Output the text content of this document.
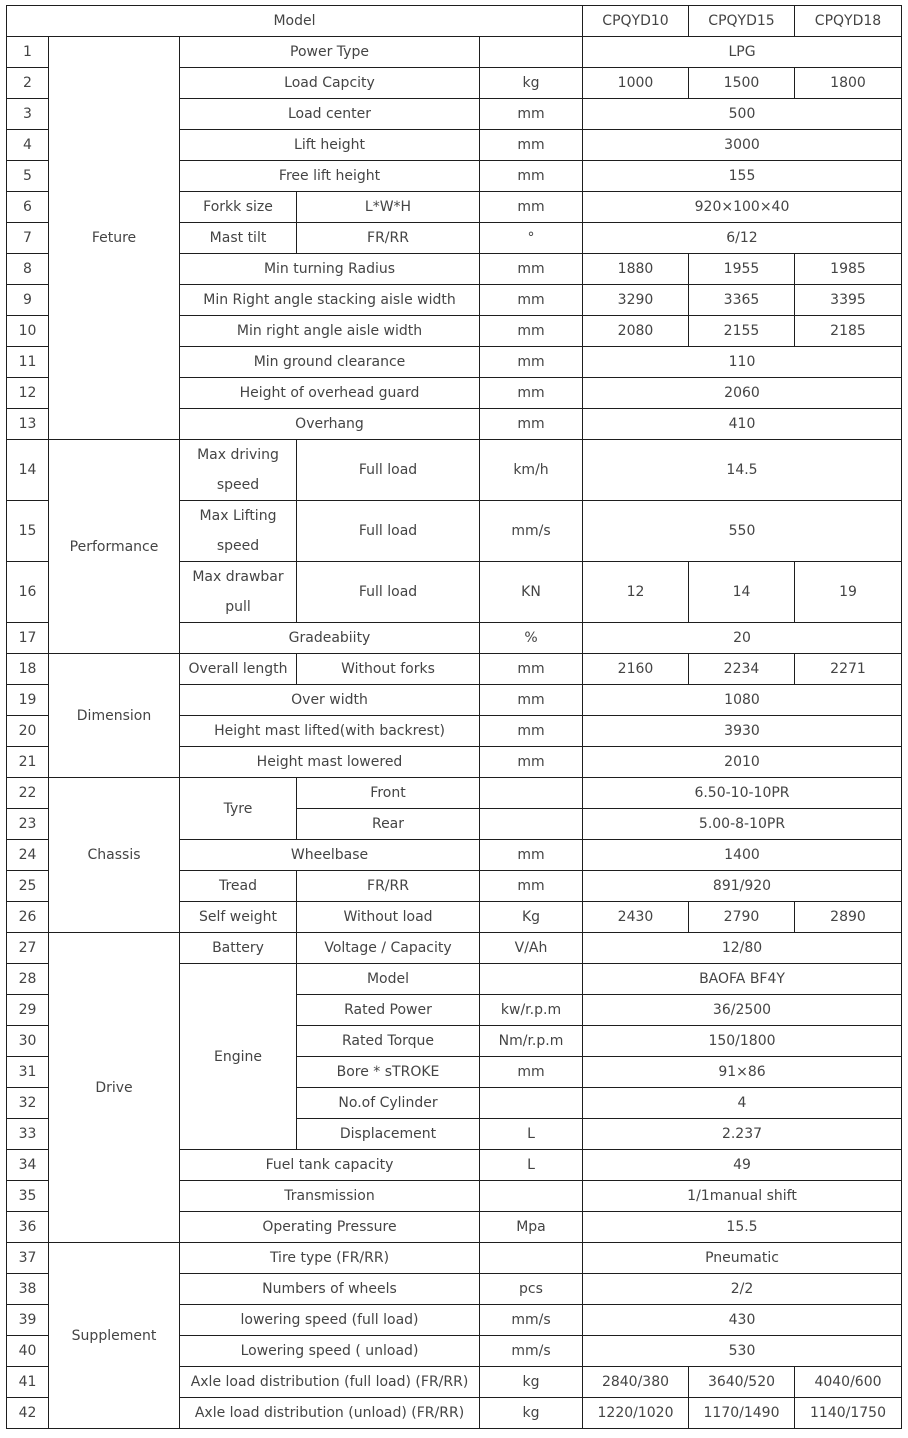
Model					CPQYD10	CPQYD15	CPQYD18
1	Feture	Power Type			LPG		
2		Load Capcity		kg	1000	1500	1800
3		Load center		mm	500		
4		Lift height		mm	3000		
5		Free lift height		mm	155		
6		Forkk size	L*W*H	mm	920×100×40		
7		Mast tilt	FR/RR	°	6/12		
8		Min turning Radius		mm	1880	1955	1985
9		Min Right angle stacking aisle width		mm	3290	3365	3395
10		Min right angle aisle width		mm	2080	2155	2185
11		Min ground clearance		mm	110		
12		Height of overhead guard		mm	2060		
13		Overhang		mm	410		
14	Performance	Max driving speed	Full load	km/h	14.5		
15		Max Lifting speed	Full load	mm/s	550		
16		Max drawbar pull	Full load	KN	12	14	19
17		Gradeabiity		%	20		
18	Dimension	Overall length	Without forks	mm	2160	2234	2271
19		Over width		mm	1080		
20		Height mast lifted(with backrest)		mm	3930		
21		Height mast lowered		mm	2010		
22	Chassis	Tyre	Front		6.50-10-10PR		
23			Rear		5.00-8-10PR		
24		Wheelbase		mm	1400		
25		Tread	FR/RR	mm	891/920		
26		Self weight	Without load	Kg	2430	2790	2890
27	Drive	Battery	Voltage / Capacity	V/Ah	12/80		
28		Engine	Model		BAOFA BF4Y		
29			Rated Power	kw/r.p.m	36/2500		
30			Rated Torque	Nm/r.p.m	150/1800		
31			Bore * sTROKE	mm	91×86		
32			No.of Cylinder		4		
33			Displacement	L	2.237		
34		Fuel tank capacity		L	49		
35		Transmission			1/1manual shift		
36		Operating Pressure		Mpa	15.5		
37	Supplement	Tire type (FR/RR)			Pneumatic		
38		Numbers of wheels		pcs	2/2		
39		lowering speed (full load)		mm/s	430		
40		Lowering speed ( unload)		mm/s	530		
41		Axle load distribution (full load) (FR/RR)		kg	2840/380	3640/520	4040/600
42		Axle load distribution (unload) (FR/RR)		kg	1220/1020	1170/1490	1140/1750
